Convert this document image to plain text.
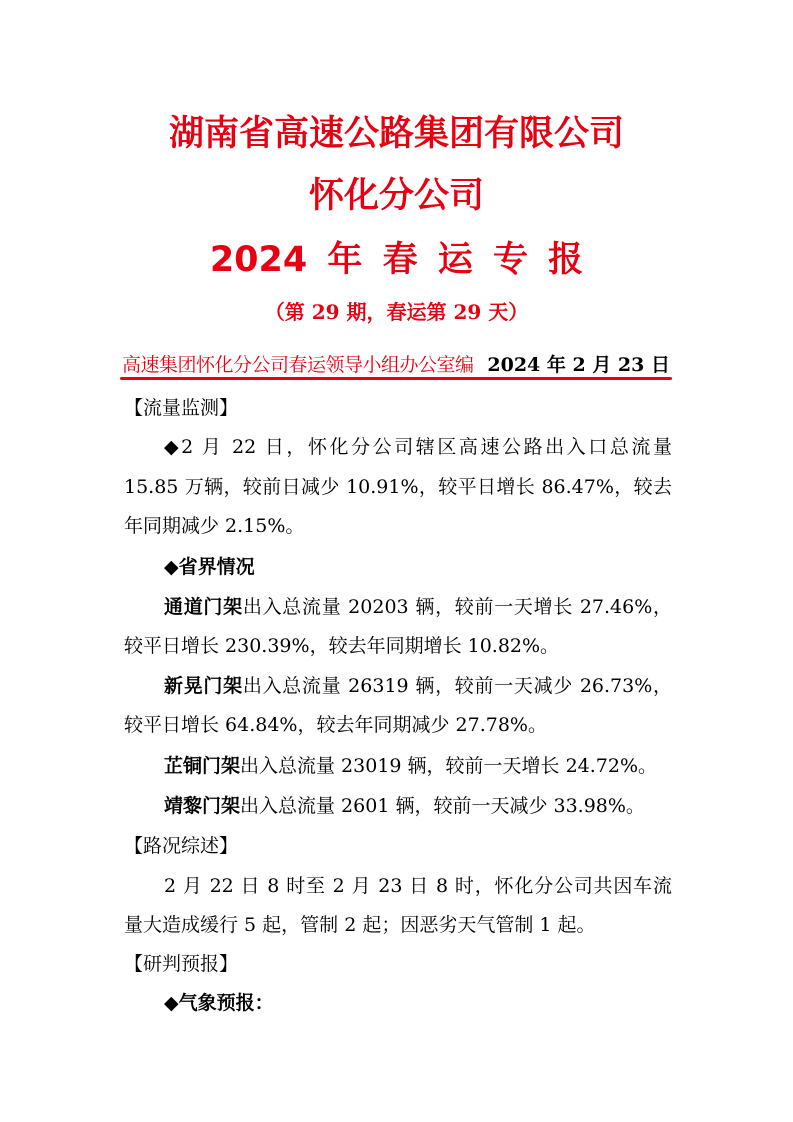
湖南省高速公路集团有限公司
怀化分公司
2024 年 春 运 专 报
（第 29 期，春运第 29 天）
高速集团怀化分公司春运领导小组办公室编 2024 年 2 月 23 日
【流量监测】
◆2 月 22 日，怀化分公司辖区高速公路出入口总流量
15.85 万辆，较前日减少 10.91%，较平日增长 86.47%，较去
年同期减少 2.15%。
◆省界情况
通道门架出入总流量 20203 辆，较前一天增长 27.46%，
较平日增长 230.39%，较去年同期增长 10.82%。
新晃门架出入总流量 26319 辆，较前一天减少 26.73%，
较平日增长 64.84%，较去年同期减少 27.78%。
芷铜门架出入总流量 23019 辆，较前一天增长 24.72%。
靖黎门架出入总流量 2601 辆，较前一天减少 33.98%。
【路况综述】
2 月 22 日 8 时至 2 月 23 日 8 时，怀化分公司共因车流
量大造成缓行 5 起，管制 2 起；因恶劣天气管制 1 起。
【研判预报】
◆气象预报：
